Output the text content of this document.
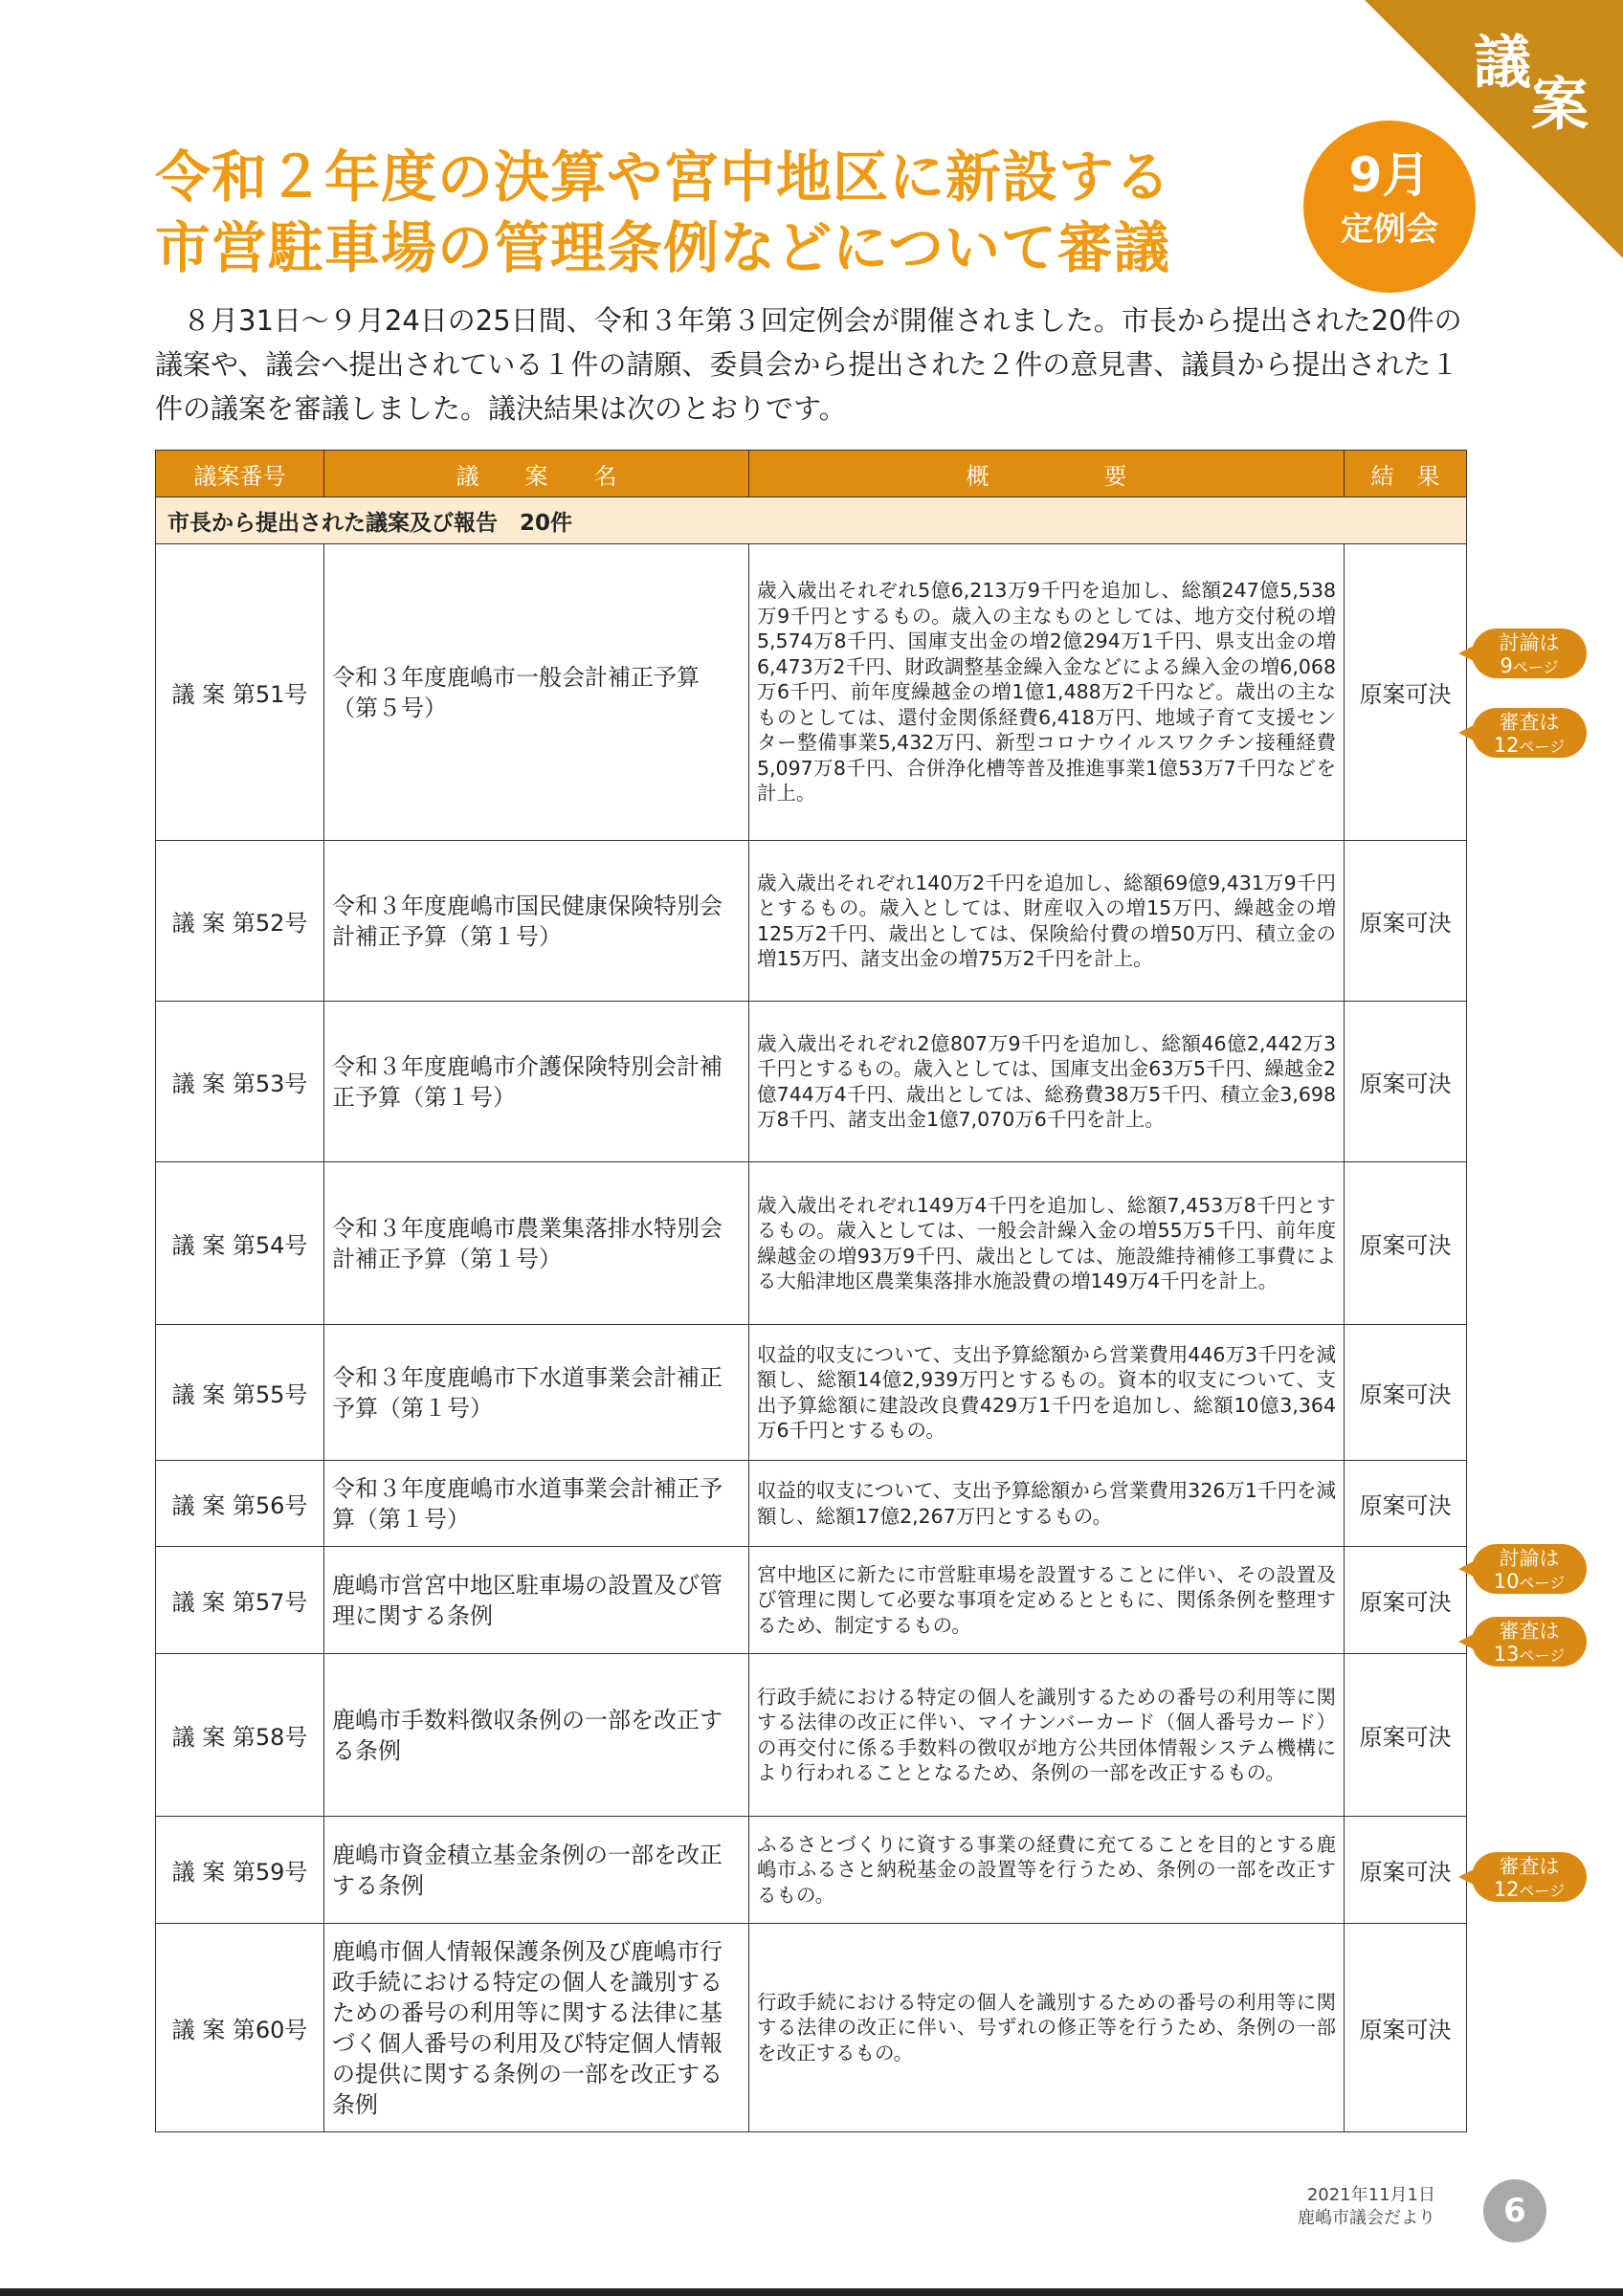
議
案
令和２年度の決算や宮中地区に新設する
市営駐車場の管理条例などについて審議
9月
定例会
８月31日～９月24日の25日間、令和３年第３回定例会が開催されました。市長から提出された20件の議案や、議会へ提出されている１件の請願、委員会から提出された２件の意見書、議員から提出された１件の議案を審議しました。議決結果は次のとおりです。
議案番号	議　　案　　名	概　　　　　要	結　果
市長から提出された議案及び報告　20件			
議 案 第51号	令和３年度鹿嶋市一般会計補正予算（第５号）	歳入歳出それぞれ5億6,213万9千円を追加し、総額247億5,538万9千円とするもの。歳入の主なものとしては、地方交付税の増5,574万8千円、国庫支出金の増2億294万1千円、県支出金の増6,473万2千円、財政調整基金繰入金などによる繰入金の増6,068万6千円、前年度繰越金の増1億1,488万2千円など。歳出の主なものとしては、還付金関係経費6,418万円、地域子育て支援センター整備事業5,432万円、新型コロナウイルスワクチン接種経費5,097万8千円、合併浄化槽等普及推進事業1億53万7千円などを計上。	原案可決
議 案 第52号	令和３年度鹿嶋市国民健康保険特別会計補正予算（第１号）	歳入歳出それぞれ140万2千円を追加し、総額69億9,431万9千円とするもの。歳入としては、財産収入の増15万円、繰越金の増125万2千円、歳出としては、保険給付費の増50万円、積立金の増15万円、諸支出金の増75万2千円を計上。	原案可決
議 案 第53号	令和３年度鹿嶋市介護保険特別会計補正予算（第１号）	歳入歳出それぞれ2億807万9千円を追加し、総額46億2,442万3千円とするもの。歳入としては、国庫支出金63万5千円、繰越金2億744万4千円、歳出としては、総務費38万5千円、積立金3,698万8千円、諸支出金1億7,070万6千円を計上。	原案可決
議 案 第54号	令和３年度鹿嶋市農業集落排水特別会計補正予算（第１号）	歳入歳出それぞれ149万4千円を追加し、総額7,453万8千円とするもの。歳入としては、一般会計繰入金の増55万5千円、前年度繰越金の増93万9千円、歳出としては、施設維持補修工事費による大船津地区農業集落排水施設費の増149万4千円を計上。	原案可決
議 案 第55号	令和３年度鹿嶋市下水道事業会計補正予算（第１号）	収益的収支について、支出予算総額から営業費用446万3千円を減額し、総額14億2,939万円とするもの。資本的収支について、支出予算総額に建設改良費429万1千円を追加し、総額10億3,364万6千円とするもの。	原案可決
議 案 第56号	令和３年度鹿嶋市水道事業会計補正予算（第１号）	収益的収支について、支出予算総額から営業費用326万1千円を減額し、総額17億2,267万円とするもの。	原案可決
議 案 第57号	鹿嶋市営宮中地区駐車場の設置及び管理に関する条例	宮中地区に新たに市営駐車場を設置することに伴い、その設置及び管理に関して必要な事項を定めるとともに、関係条例を整理するため、制定するもの。	原案可決
議 案 第58号	鹿嶋市手数料徴収条例の一部を改正する条例	行政手続における特定の個人を識別するための番号の利用等に関する法律の改正に伴い、マイナンバーカード（個人番号カード）の再交付に係る手数料の徴収が地方公共団体情報システム機構により行われることとなるため、条例の一部を改正するもの。	原案可決
議 案 第59号	鹿嶋市資金積立基金条例の一部を改正する条例	ふるさとづくりに資する事業の経費に充てることを目的とする鹿嶋市ふるさと納税基金の設置等を行うため、条例の一部を改正するもの。	原案可決
議 案 第60号	鹿嶋市個人情報保護条例及び鹿嶋市行政手続における特定の個人を識別するための番号の利用等に関する法律に基づく個人番号の利用及び特定個人情報の提供に関する条例の一部を改正する条例	行政手続における特定の個人を識別するための番号の利用等に関する法律の改正に伴い、号ずれの修正等を行うため、条例の一部を改正するもの。	原案可決
討論は
9ページ
審査は
12ページ
討論は
10ページ
審査は
13ページ
審査は
12ページ
2021年11月1日
鹿嶋市議会だより	6
